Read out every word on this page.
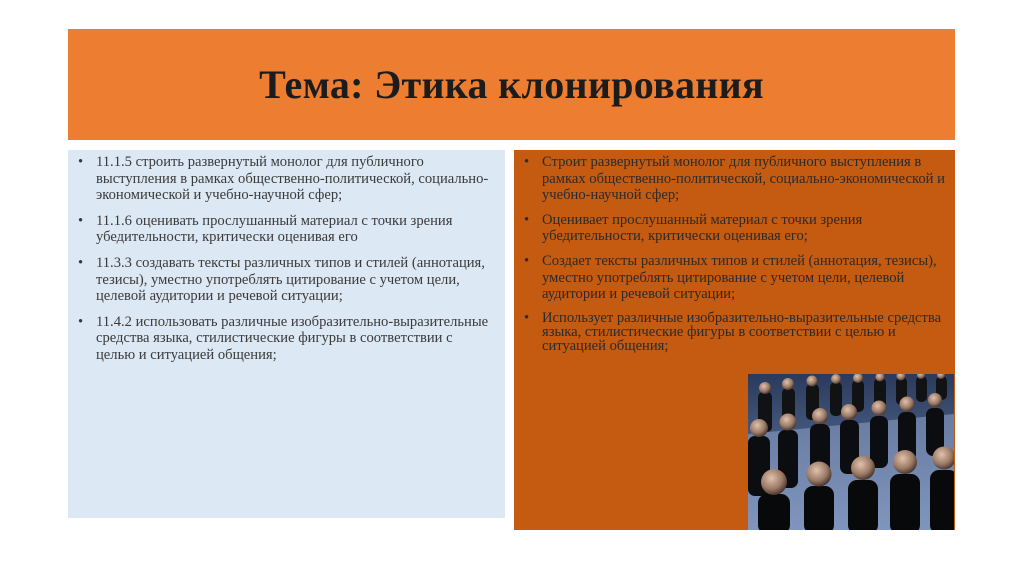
Тема: Этика клонирования
• 11.1.5 строить развернутый монолог для публичного выступления в рамках общественно-политической, социально-экономической и учебно-научной сфер;
• 11.1.6 оценивать прослушанный материал с точки зрения убедительности, критически оценивая его
• 11.3.3 создавать тексты различных типов и стилей (аннотация, тезисы), уместно употреблять цитирование с учетом цели, целевой аудитории и речевой ситуации;
• 11.4.2 использовать различные изобразительно-выразительные средства языка, стилистические фигуры в соответствии с целью и ситуацией общения;
• Строит развернутый монолог для публичного выступления в рамках общественно-политической, социально-экономической и учебно-научной сфер;
• Оценивает прослушанный материал с точки зрения убедительности, критически оценивая его;
• Создает тексты различных типов и стилей (аннотация, тезисы), уместно употреблять цитирование с учетом цели, целевой аудитории и речевой ситуации;
• Использует различные изобразительно-выразительные средства языка, стилистические фигуры в соответствии с целью и ситуацией общения;
